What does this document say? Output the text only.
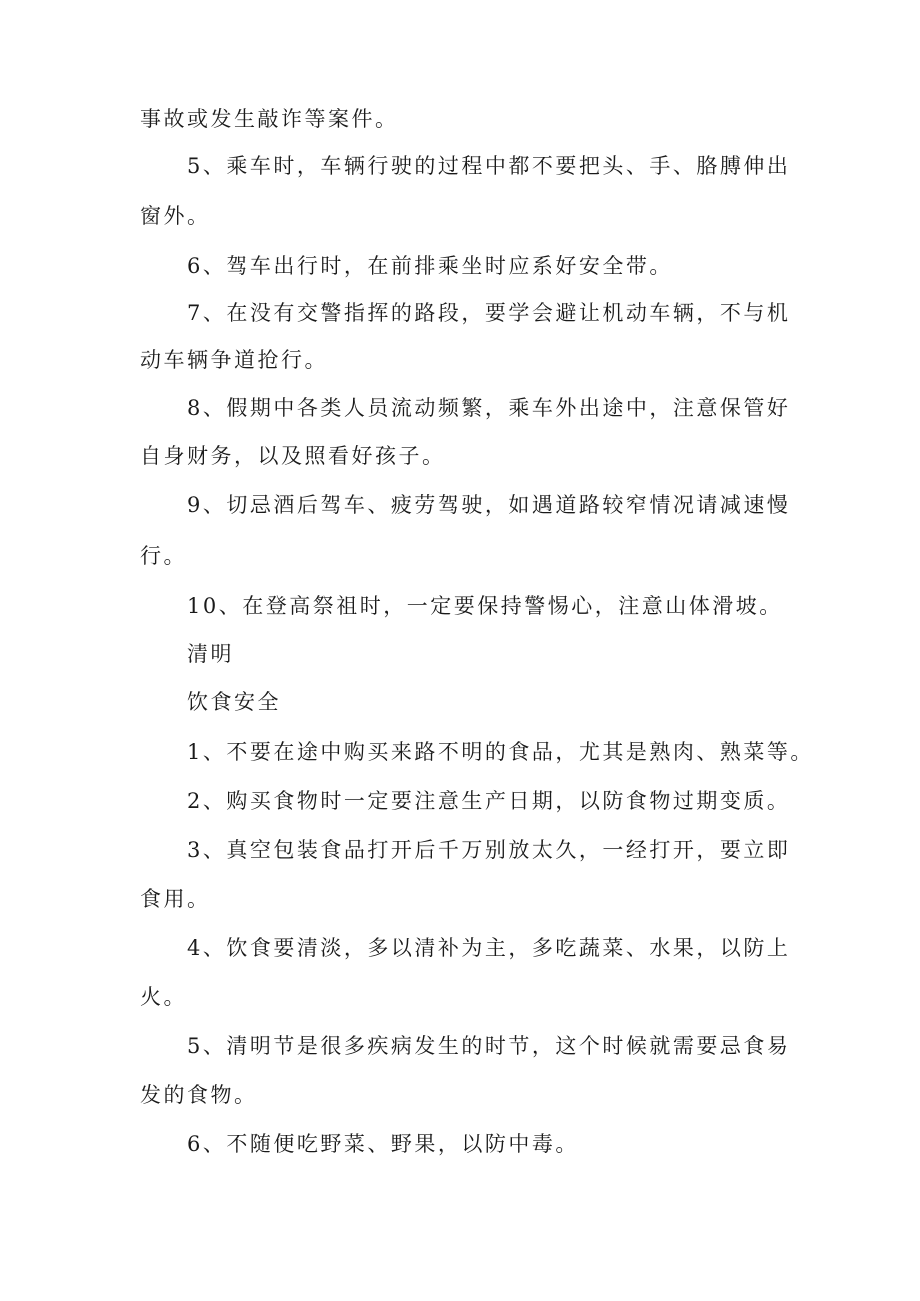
事故或发生敲诈等案件。
5、乘车时，车辆行驶的过程中都不要把头、手、胳膊伸出
窗外。
6、驾车出行时，在前排乘坐时应系好安全带。
7、在没有交警指挥的路段，要学会避让机动车辆，不与机
动车辆争道抢行。
8、假期中各类人员流动频繁，乘车外出途中，注意保管好
自身财务，以及照看好孩子。
9、切忌酒后驾车、疲劳驾驶，如遇道路较窄情况请减速慢
行。
10、在登高祭祖时，一定要保持警惕心，注意山体滑坡。
清明
饮食安全
1、不要在途中购买来路不明的食品，尤其是熟肉、熟菜等。
2、购买食物时一定要注意生产日期，以防食物过期变质。
3、真空包装食品打开后千万别放太久，一经打开，要立即
食用。
4、饮食要清淡，多以清补为主，多吃蔬菜、水果，以防上
火。
5、清明节是很多疾病发生的时节，这个时候就需要忌食易
发的食物。
6、不随便吃野菜、野果，以防中毒。
